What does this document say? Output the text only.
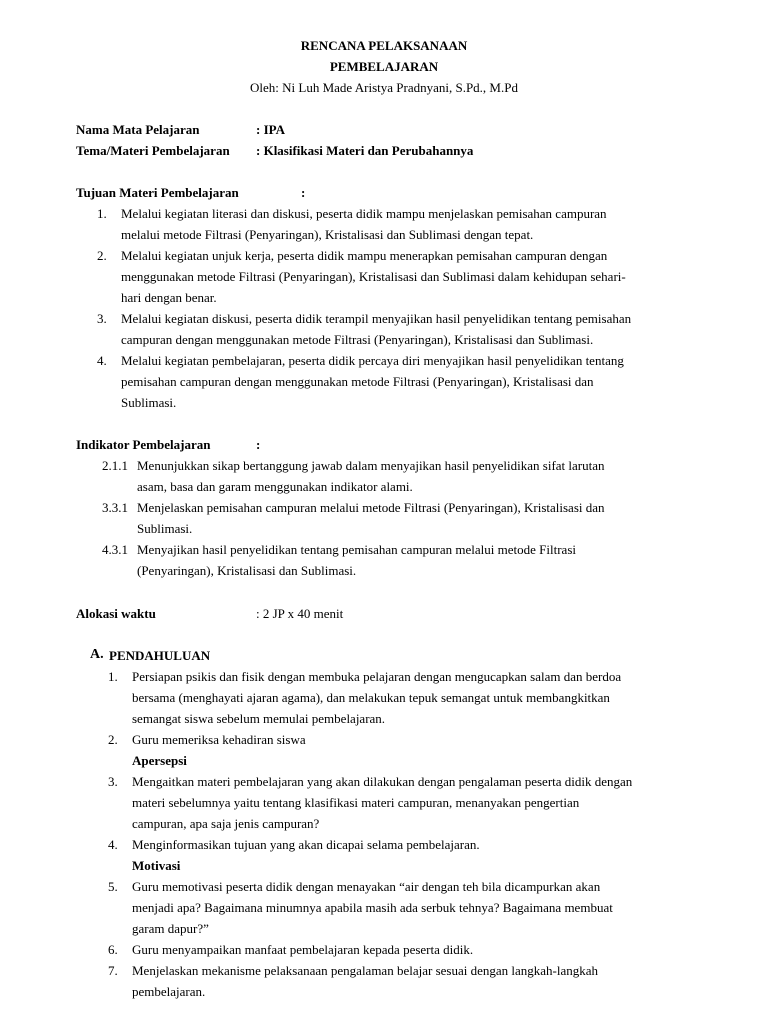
RENCANA PELAKSANAAN
PEMBELAJARAN
Oleh: Ni Luh Made Aristya Pradnyani, S.Pd., M.Pd
Nama Mata Pelajaran	: IPA
Tema/Materi Pembelajaran : Klasifikasi Materi dan Perubahannya
Tujuan Materi Pembelajaran	:
1. Melalui kegiatan literasi dan diskusi, peserta didik mampu menjelaskan pemisahan campuran
melalui metode Filtrasi (Penyaringan), Kristalisasi dan Sublimasi dengan tepat.
2. Melalui kegiatan unjuk kerja, peserta didik mampu menerapkan pemisahan campuran dengan
menggunakan metode Filtrasi (Penyaringan), Kristalisasi dan Sublimasi dalam kehidupan sehari-
hari dengan benar.
3. Melalui kegiatan diskusi, peserta didik terampil menyajikan hasil penyelidikan tentang pemisahan
campuran dengan menggunakan metode Filtrasi (Penyaringan), Kristalisasi dan Sublimasi.
4. Melalui kegiatan pembelajaran, peserta didik percaya diri menyajikan hasil penyelidikan tentang
pemisahan campuran dengan menggunakan metode Filtrasi (Penyaringan), Kristalisasi dan
Sublimasi.
Indikator Pembelajaran	:
2.1.1 Menunjukkan sikap bertanggung jawab dalam menyajikan hasil penyelidikan sifat larutan
asam, basa dan garam menggunakan indikator alami.
3.3.1 Menjelaskan pemisahan campuran melalui metode Filtrasi (Penyaringan), Kristalisasi dan
Sublimasi.
4.3.1 Menyajikan hasil penyelidikan tentang pemisahan campuran melalui metode Filtrasi
(Penyaringan), Kristalisasi dan Sublimasi.
Alokasi waktu	: 2 JP x 40 menit
A. PENDAHULUAN
1. Persiapan psikis dan fisik dengan membuka pelajaran dengan mengucapkan salam dan berdoa
bersama (menghayati ajaran agama), dan melakukan tepuk semangat untuk membangkitkan
semangat siswa sebelum memulai pembelajaran.
2. Guru memeriksa kehadiran siswa
Apersepsi
3. Mengaitkan materi pembelajaran yang akan dilakukan dengan pengalaman peserta didik dengan
materi sebelumnya yaitu tentang klasifikasi materi campuran, menanyakan pengertian
campuran, apa saja jenis campuran?
4. Menginformasikan tujuan yang akan dicapai selama pembelajaran.
Motivasi
5. Guru memotivasi peserta didik dengan menayakan “air dengan teh bila dicampurkan akan
menjadi apa? Bagaimana minumnya apabila masih ada serbuk tehnya? Bagaimana membuat
garam dapur?”
6. Guru menyampaikan manfaat pembelajaran kepada peserta didik.
7. Menjelaskan mekanisme pelaksanaan pengalaman belajar sesuai dengan langkah-langkah
pembelajaran.
